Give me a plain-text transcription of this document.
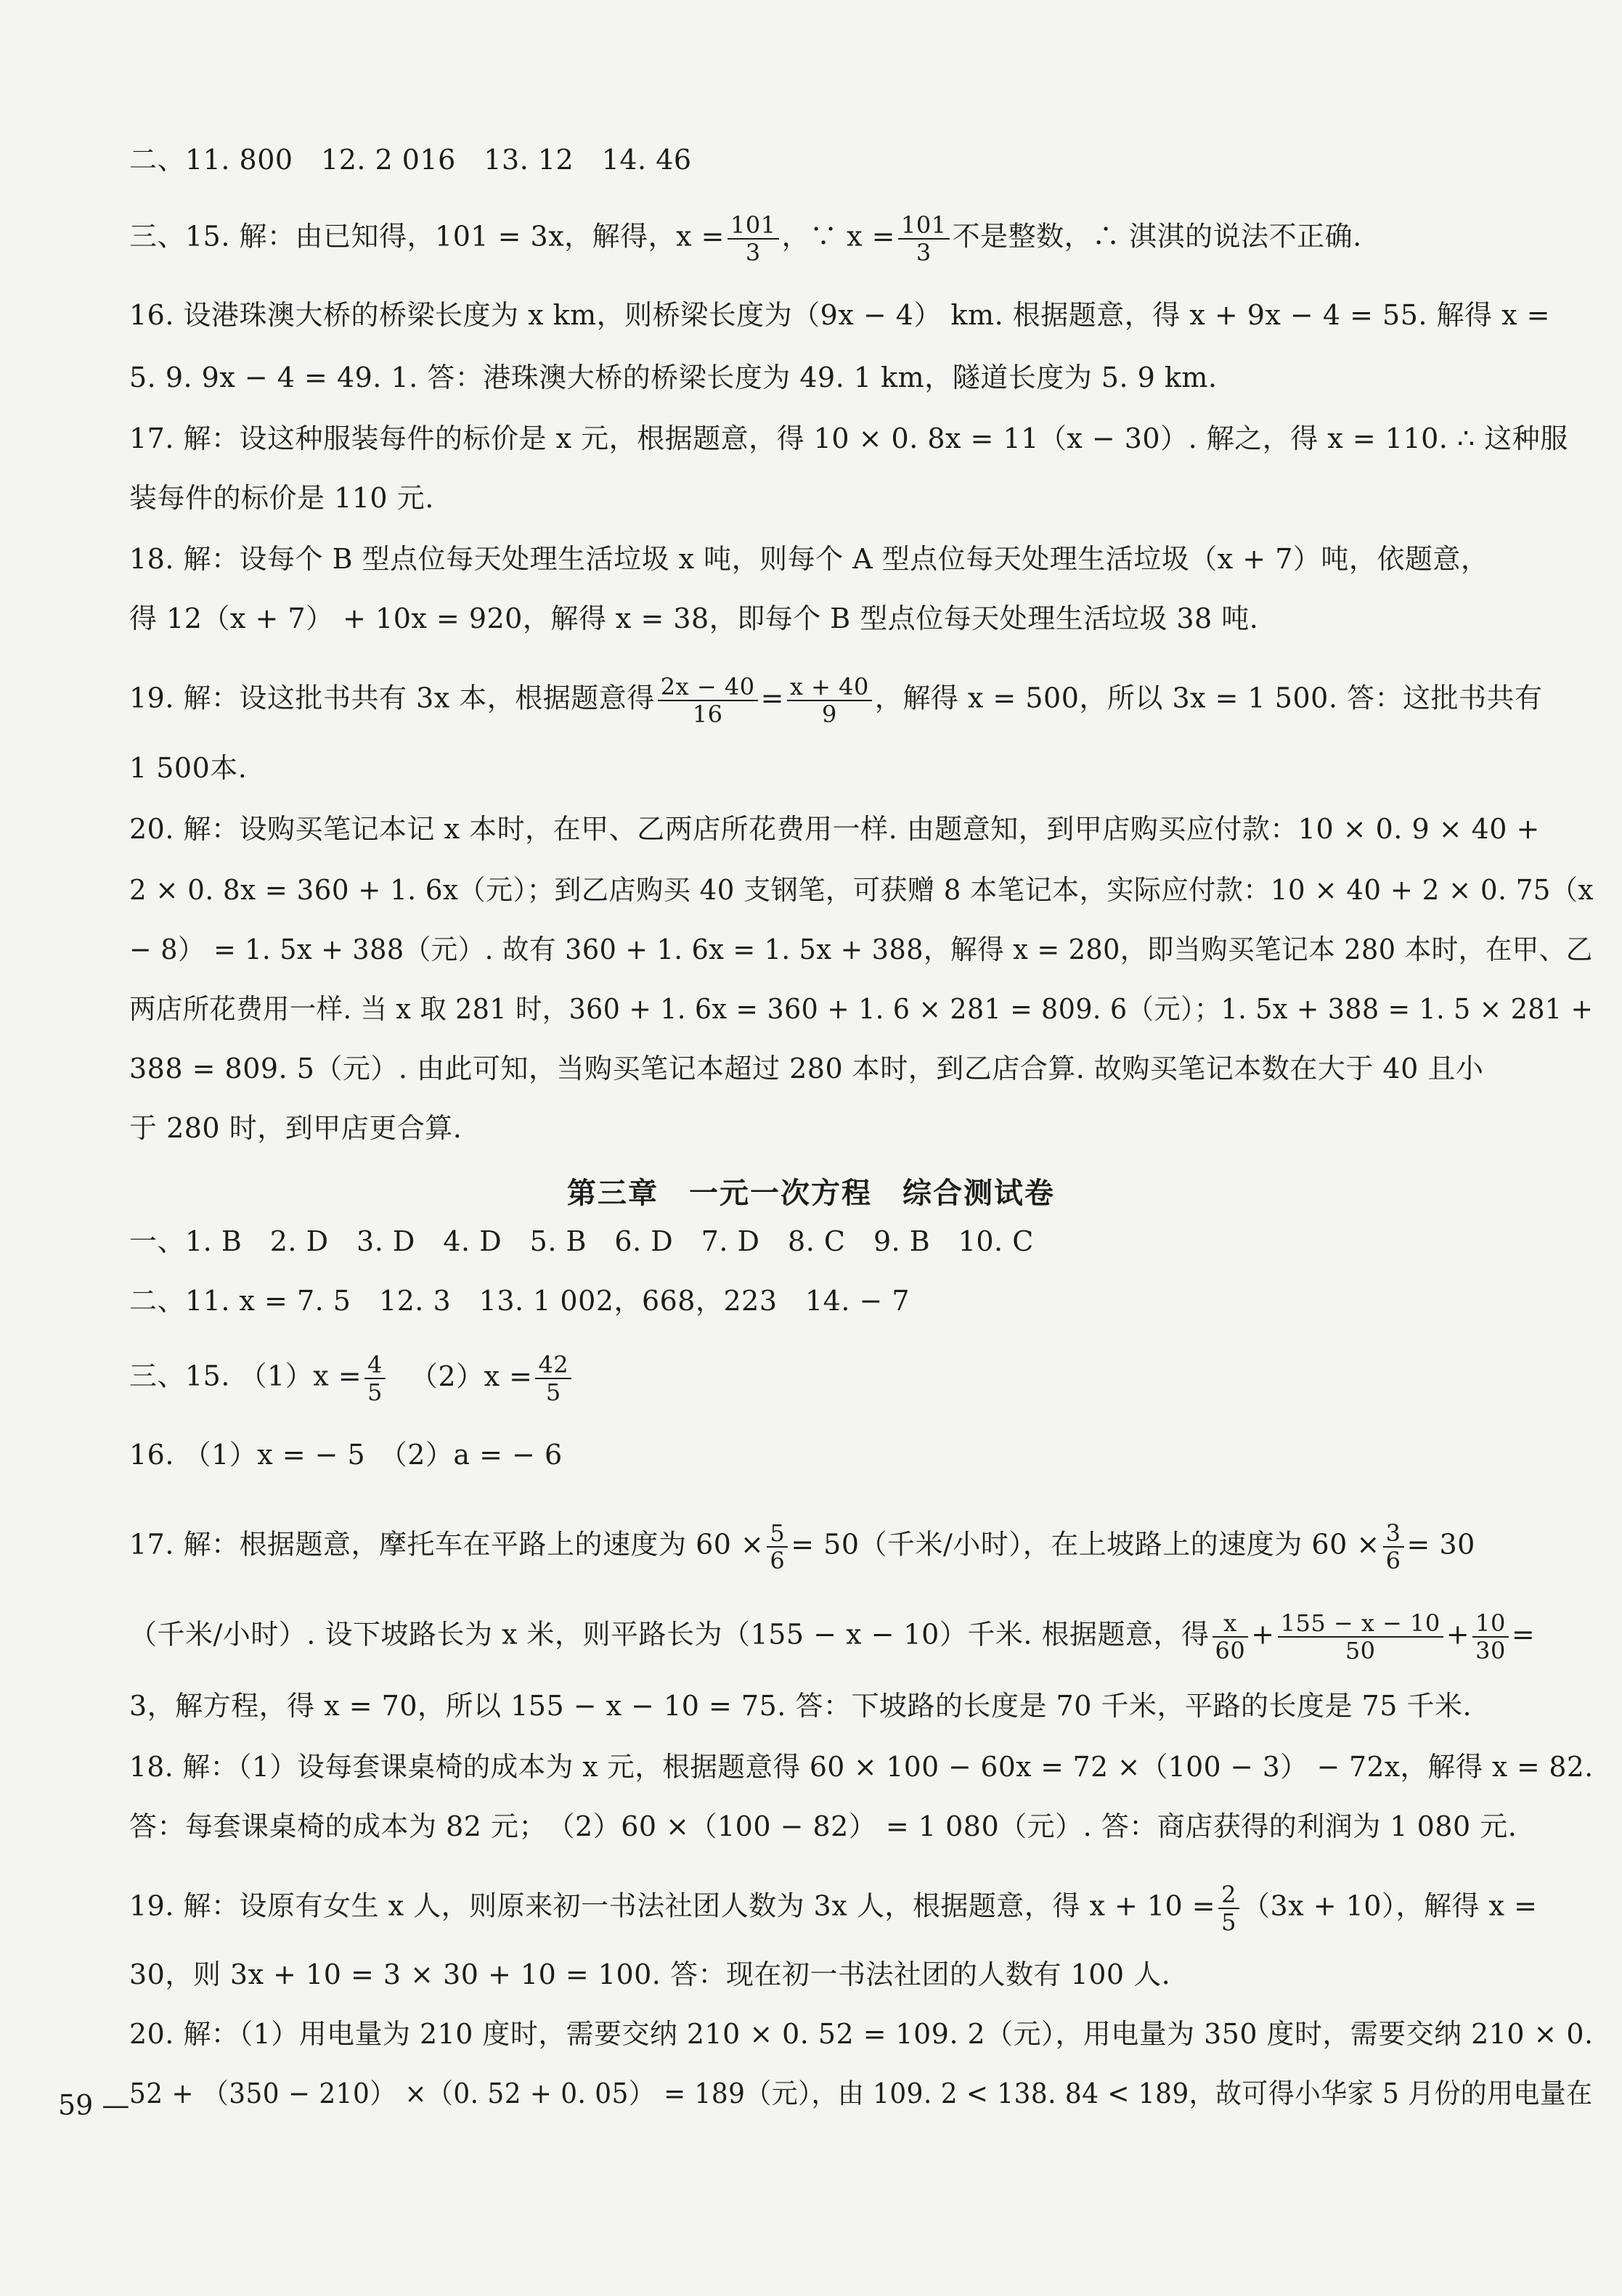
二、11. 800　12. 2 016　13. 12　14. 46
三、15. 解：由已知得，101 = 3x，解得，$x = \frac{101}{3}$ ，∵ $x = \frac{101}{3}$ 不是整数，∴ 淇淇的说法不正确.
16. 设港珠澳大桥的桥梁长度为 x km，则桥梁长度为（9x − 4） km. 根据题意，得 x + 9x − 4 = 55. 解得 x =
5. 9. 9x − 4 = 49. 1. 答：港珠澳大桥的桥梁长度为 49. 1 km，隧道长度为 5. 9 km.
17. 解：设这种服装每件的标价是 x 元，根据题意，得 10 × 0. 8x = 11（x − 30）. 解之，得 x = 110. ∴ 这种服
装每件的标价是 110 元.
18. 解：设每个 B 型点位每天处理生活垃圾 x 吨，则每个 A 型点位每天处理生活垃圾（x + 7）吨，依题意，
得 12（x + 7） + 10x = 920，解得 x = 38，即每个 B 型点位每天处理生活垃圾 38 吨.
19. 解：设这批书共有 3x 本，根据题意得 $\frac{2x - 40}{16} = \frac{x + 40}{9}$ ，解得 x = 500，所以 3x = 1 500. 答：这批书共有
1 500本.
20. 解：设购买笔记本记 x 本时，在甲、乙两店所花费用一样. 由题意知，到甲店购买应付款：10 × 0. 9 × 40 +
2 × 0. 8x = 360 + 1. 6x（元）；到乙店购买 40 支钢笔，可获赠 8 本笔记本，实际应付款：10 × 40 + 2 × 0. 75（x
− 8） = 1. 5x + 388（元）. 故有 360 + 1. 6x = 1. 5x + 388，解得 x = 280，即当购买笔记本 280 本时，在甲、乙
两店所花费用一样. 当 x 取 281 时，360 + 1. 6x = 360 + 1. 6 × 281 = 809. 6（元）；1. 5x + 388 = 1. 5 × 281 +
388 = 809. 5（元）. 由此可知，当购买笔记本超过 280 本时，到乙店合算. 故购买笔记本数在大于 40 且小
于 280 时，到甲店更合算.
第三章　一元一次方程　综合测试卷
一、1. B　2. D　3. D　4. D　5. B　6. D　7. D　8. C　9. B　10. C
二、11. x = 7. 5　12. 3　13. 1 002，668，223　14. − 7
三、15. $(1)x = \frac{4}{5} (2)x = \frac{42}{5}$
16. （1）x = − 5　（2）a = − 6
17. 解：根据题意，摩托车在平路上的速度为 $60 \times \frac{5}{6} = 50$（千米/小时），在上坡路上的速度为 $60 \times \frac{3}{6} = 30$
（千米/小时）. 设下坡路长为 x 米，则平路长为（155 − x − 10）千米. 根据题意，得 $\frac{x}{60} + \frac{155 - x - 10}{50} + \frac{10}{30}$ =
3，解方程，得 x = 70，所以 155 − x − 10 = 75. 答：下坡路的长度是 70 千米，平路的长度是 75 千米.
18. 解：（1）设每套课桌椅的成本为 x 元，根据题意得 60 × 100 − 60x = 72 ×（100 − 3） − 72x，解得 x = 82.
答：每套课桌椅的成本为 82 元；　（2）60 ×（100 − 82） = 1 080（元）. 答：商店获得的利润为 1 080 元.
19. 解：设原有女生 x 人，则原来初一书法社团人数为 3x 人，根据题意，得 $x + 10 = \frac{2}{5} (3x + 10)$，解得 x =
30，则 3x + 10 = 3 × 30 + 10 = 100. 答：现在初一书法社团的人数有 100 人.
20. 解：（1）用电量为 210 度时，需要交纳 210 × 0. 52 = 109. 2（元），用电量为 350 度时，需要交纳 210 × 0.
52 + （350 − 210） ×（0. 52 + 0. 05） = 189（元），由 109. 2 < 138. 84 < 189，故可得小华家 5 月份的用电量在
59 —
